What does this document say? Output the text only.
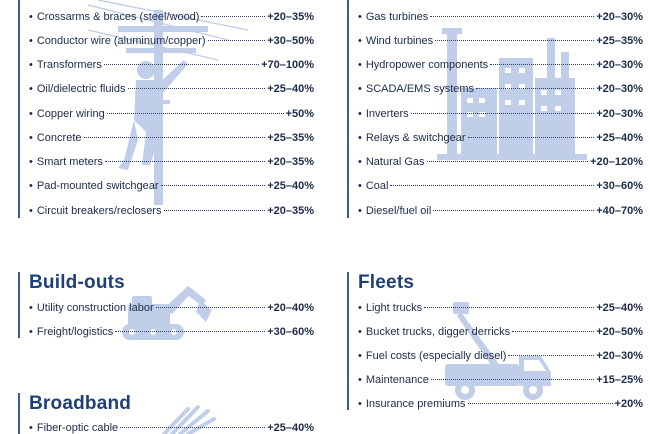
• Crossarms & braces (steel/wood)	+20–35%
• Conductor wire (aluminum/copper)	+30–50%
• Transformers	+70–100%
• Oil/dielectric fluids	+25–40%
• Copper wiring	+50%
• Concrete	+25–35%
• Smart meters	+20–35%
• Pad-mounted switchgear	+25–40%
• Circuit breakers/reclosers	+20–35%
• Gas turbines	+20–30%
• Wind turbines	+25–35%
• Hydropower components	+20–30%
• SCADA/EMS systems	+20–30%
• Inverters	+20–30%
• Relays & switchgear	+25–40%
• Natural Gas	+20–120%
• Coal	+30–60%
• Diesel/fuel oil	+40–70%
Build-outs
• Utility construction labor	+20–40%
• Freight/logistics	+30–60%
Fleets
• Light trucks	+25–40%
• Bucket trucks, digger derricks	+20–50%
• Fuel costs (especially diesel)	+20–30%
• Maintenance	+15–25%
• Insurance premiums	+20%
Broadband
• Fiber-optic cable	+25–40%
